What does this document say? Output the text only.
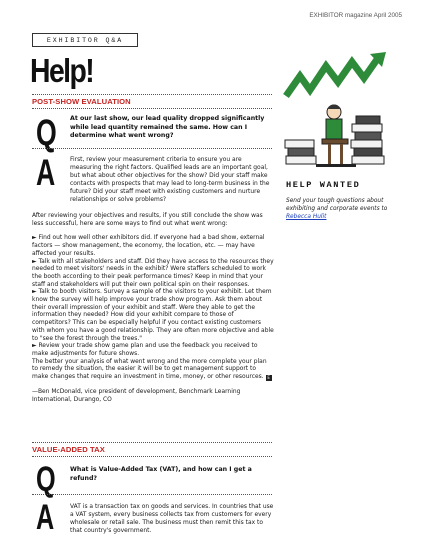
EXHIBITOR magazine April 2005
EXHIBITOR Q&A
Help!
POST-SHOW EVALUATION
Q At our last show, our lead quality dropped significantly while lead quantity remained the same. How can I determine what went wrong?
A First, review your measurement criteria to ensure you are measuring the right factors. Qualified leads are an important goal, but what about other objectives for the show? Did your staff make contacts with prospects that may lead to long-term business in the future? Did your staff meet with existing customers and nurture relationships or solve problems?

After reviewing your objectives and results, if you still conclude the show was less successful, here are some ways to find out what went wrong:

► Find out how well other exhibitors did. If everyone had a bad show, external factors — show management, the economy, the location, etc. — may have affected your results.

► Talk with all stakeholders and staff. Did they have access to the resources they needed to meet visitors' needs in the exhibit? Were staffers scheduled to work the booth according to their peak performance times? Keep in mind that your staff and stakeholders will put their own political spin on their responses.

► Talk to booth visitors. Survey a sample of the visitors to your exhibit. Let them know the survey will help improve your trade show program. Ask them about their overall impression of your exhibit and staff. Were they able to get the information they needed? How did your exhibit compare to those of competitors? This can be especially helpful if you contact existing customers with whom you have a good relationship. They are often more objective and able to "see the forest through the trees."

► Review your trade show game plan and use the feedback you received to make adjustments for future shows.

The better your analysis of what went wrong and the more complete your plan to remedy the situation, the easier it will be to get management support to make changes that require an investment in time, money, or other resources. E

—Ben McDonald, vice president of development, Benchmark Learning International, Durango, CO

VALUE-ADDED TAX
Q What is Value-Added Tax (VAT), and how can I get a refund?
A	VAT is a transaction tax on goods and services. In countries that use a VAT system, every business collects tax from customers for every wholesale or retail sale. The business must then remit this tax to that country's government.
HELP WANTED
Send your tough questions about exhibiting and corporate events to Rebecca Hulit
